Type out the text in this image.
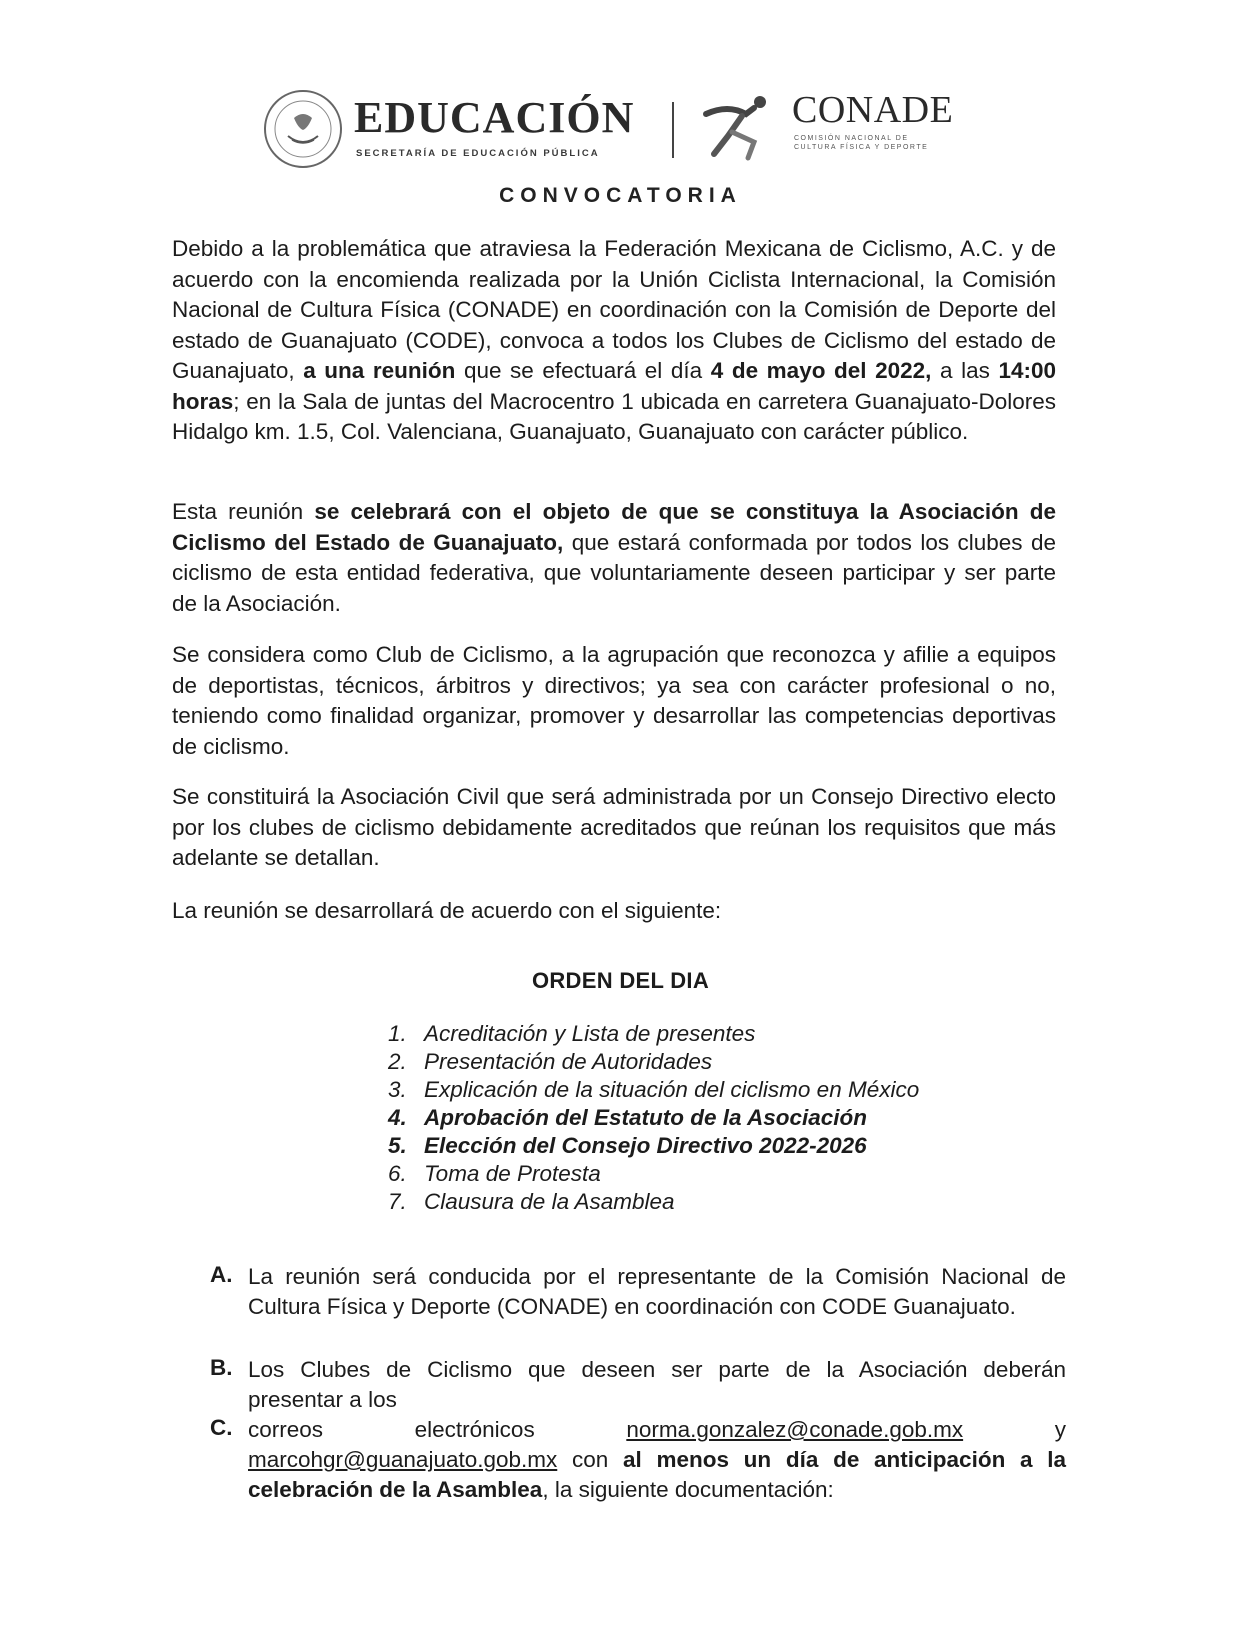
EDUCACIÓN
SECRETARÍA DE EDUCACIÓN PÚBLICA
CONADE
COMISIÓN NACIONAL DE
CULTURA FÍSICA Y DEPORTE
CONVOCATORIA

Debido a la problemática que atraviesa la Federación Mexicana de Ciclismo, A.C. y de acuerdo con la encomienda realizada por la Unión Ciclista Internacional, la Comisión Nacional de Cultura Física (CONADE) en coordinación con la Comisión de Deporte del estado de Guanajuato (CODE), convoca a todos los Clubes de Ciclismo del estado de Guanajuato, a una reunión que se efectuará el día 4 de mayo del 2022, a las 14:00 horas; en la Sala de juntas del Macrocentro 1 ubicada en carretera Guanajuato-Dolores Hidalgo km. 1.5, Col. Valenciana, Guanajuato, Guanajuato con carácter público.

Esta reunión se celebrará con el objeto de que se constituya la Asociación de Ciclismo del Estado de Guanajuato, que estará conformada por todos los clubes de ciclismo de esta entidad federativa, que voluntariamente deseen participar y ser parte de la Asociación.

Se considera como Club de Ciclismo, a la agrupación que reconozca y afilie a equipos de deportistas, técnicos, árbitros y directivos; ya sea con carácter profesional o no, teniendo como finalidad organizar, promover y desarrollar las competencias deportivas de ciclismo.

Se constituirá la Asociación Civil que será administrada por un Consejo Directivo electo por los clubes de ciclismo debidamente acreditados que reúnan los requisitos que más adelante se detallan.

La reunión se desarrollará de acuerdo con el siguiente:

ORDEN DEL DIA
1. Acreditación y Lista de presentes
2. Presentación de Autoridades
3. Explicación de la situación del ciclismo en México
4. Aprobación del Estatuto de la Asociación
5. Elección del Consejo Directivo 2022-2026
6. Toma de Protesta
7. Clausura de la Asamblea
A. La reunión será conducida por el representante de la Comisión Nacional de Cultura Física y Deporte (CONADE) en coordinación con CODE Guanajuato.
B. Los Clubes de Ciclismo que deseen ser parte de la Asociación deberán
presentar a los
C. correos	electrónicos	norma.gonzalez@conade.gob.mx	y
marcohgr@guanajuato.gob.mx con al menos un día de anticipación a la celebración de la Asamblea, la siguiente documentación:
